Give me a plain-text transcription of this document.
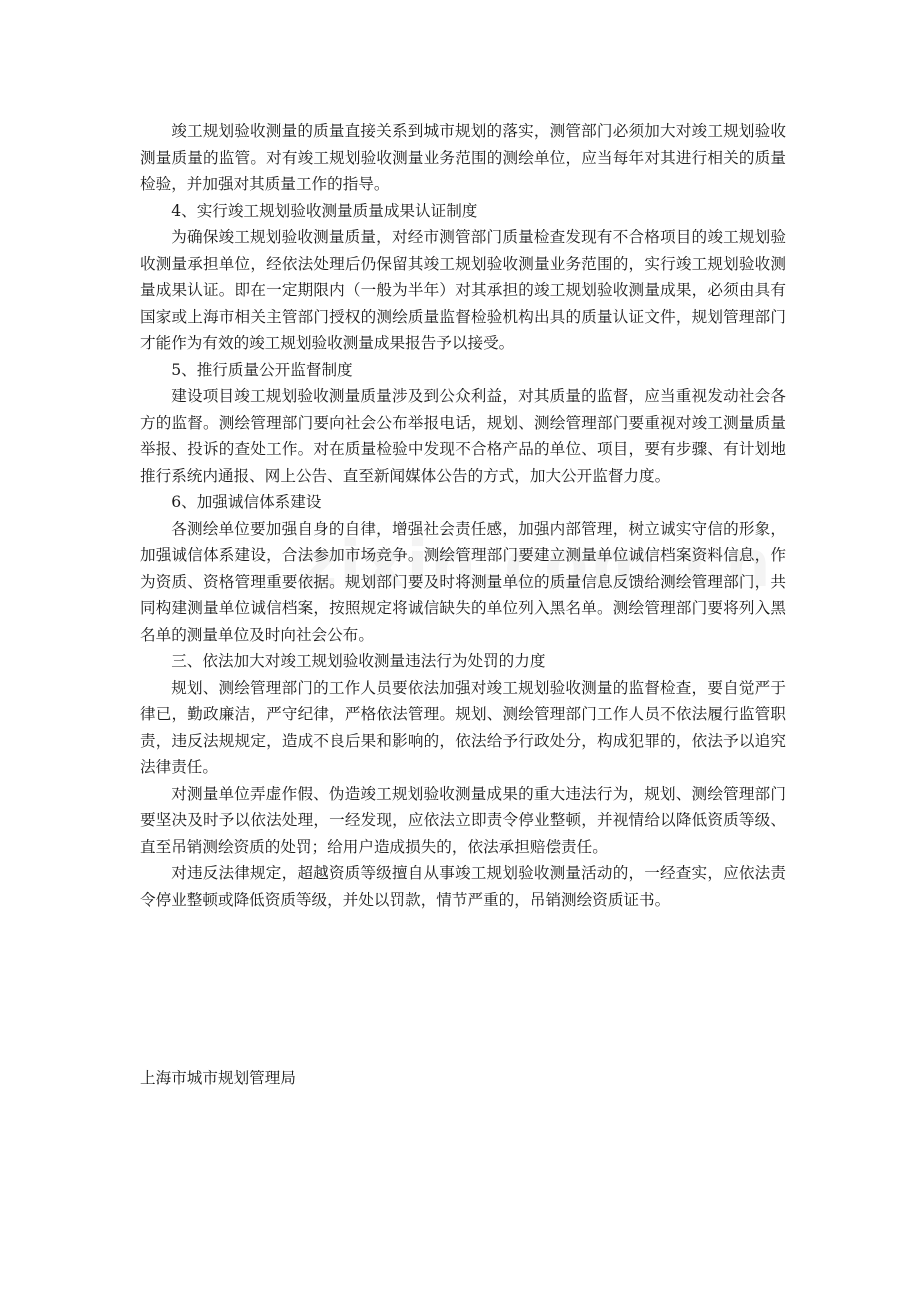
竣工规划验收测量的质量直接关系到城市规划的落实，测管部门必须加大对竣工规划验收测量质量的监管。对有竣工规划验收测量业务范围的测绘单位，应当每年对其进行相关的质量检验，并加强对其质量工作的指导。

4、实行竣工规划验收测量质量成果认证制度

为确保竣工规划验收测量质量，对经市测管部门质量检查发现有不合格项目的竣工规划验收测量承担单位，经依法处理后仍保留其竣工规划验收测量业务范围的，实行竣工规划验收测量成果认证。即在一定期限内（一般为半年）对其承担的竣工规划验收测量成果，必须由具有国家或上海市相关主管部门授权的测绘质量监督检验机构出具的质量认证文件，规划管理部门才能作为有效的竣工规划验收测量成果报告予以接受。

5、推行质量公开监督制度

建设项目竣工规划验收测量质量涉及到公众利益，对其质量的监督，应当重视发动社会各方的监督。测绘管理部门要向社会公布举报电话，规划、测绘管理部门要重视对竣工测量质量举报、投诉的查处工作。对在质量检验中发现不合格产品的单位、项目，要有步骤、有计划地推行系统内通报、网上公告、直至新闻媒体公告的方式，加大公开监督力度。

6、加强诚信体系建设

各测绘单位要加强自身的自律，增强社会责任感，加强内部管理，树立诚实守信的形象，加强诚信体系建设，合法参加市场竞争。测绘管理部门要建立测量单位诚信档案资料信息，作为资质、资格管理重要依据。规划部门要及时将测量单位的质量信息反馈给测绘管理部门，共同构建测量单位诚信档案，按照规定将诚信缺失的单位列入黑名单。测绘管理部门要将列入黑名单的测量单位及时向社会公布。

三、依法加大对竣工规划验收测量违法行为处罚的力度

规划、测绘管理部门的工作人员要依法加强对竣工规划验收测量的监督检查，要自觉严于律已，勤政廉洁，严守纪律，严格依法管理。规划、测绘管理部门工作人员不依法履行监管职责，违反法规规定，造成不良后果和影响的，依法给予行政处分，构成犯罪的，依法予以追究法律责任。

对测量单位弄虚作假、伪造竣工规划验收测量成果的重大违法行为，规划、测绘管理部门要坚决及时予以依法处理，一经发现，应依法立即责令停业整顿，并视情给以降低资质等级、直至吊销测绘资质的处罚；给用户造成损失的，依法承担赔偿责任。

对违反法律规定，超越资质等级擅自从事竣工规划验收测量活动的，一经查实，应依法责令停业整顿或降低资质等级，并处以罚款，情节严重的，吊销测绘资质证书。

上海市城市规划管理局
